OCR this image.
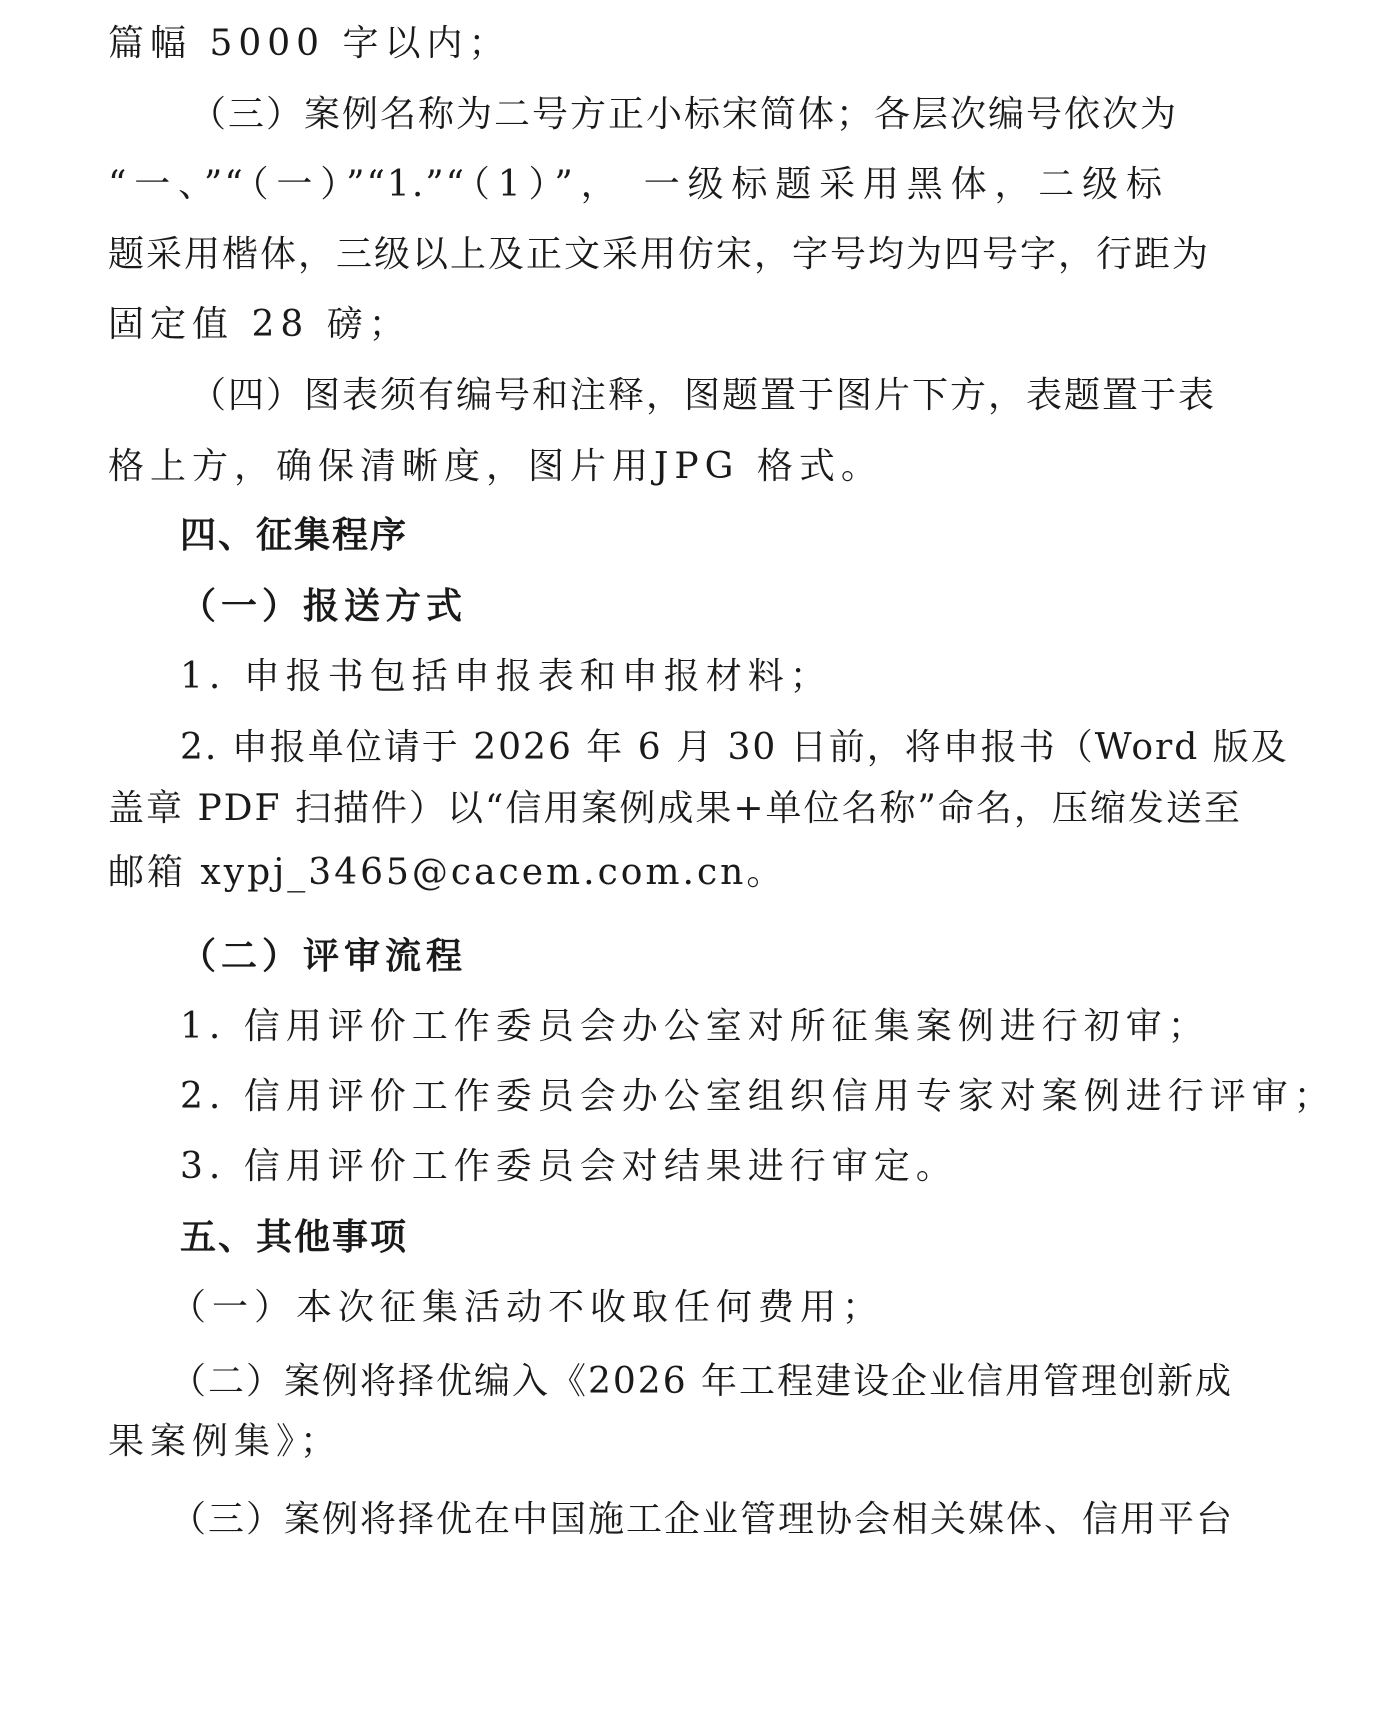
篇幅 5000 字以内；
（三）案例名称为二号方正小标宋简体；各层次编号依次为
“一、”“（一）”“1.”“（1）”， 一级标题采用黑体，二级标
题采用楷体，三级以上及正文采用仿宋，字号均为四号字，行距为
固定值 28 磅；
（四）图表须有编号和注释，图题置于图片下方，表题置于表
格上方，确保清晰度，图片用JPG 格式。
四、征集程序
（一）报送方式
1. 申报书包括申报表和申报材料；
2. 申报单位请于 2026 年 6 月 30 日前，将申报书（Word 版及
盖章 PDF 扫描件）以“信用案例成果+单位名称”命名，压缩发送至
邮箱 xypj_3465@cacem.com.cn。
（二）评审流程
1. 信用评价工作委员会办公室对所征集案例进行初审；
2. 信用评价工作委员会办公室组织信用专家对案例进行评审；
3. 信用评价工作委员会对结果进行审定。
五、其他事项
（一）本次征集活动不收取任何费用；
（二）案例将择优编入《2026 年工程建设企业信用管理创新成
果案例集》；
（三）案例将择优在中国施工企业管理协会相关媒体、信用平台
